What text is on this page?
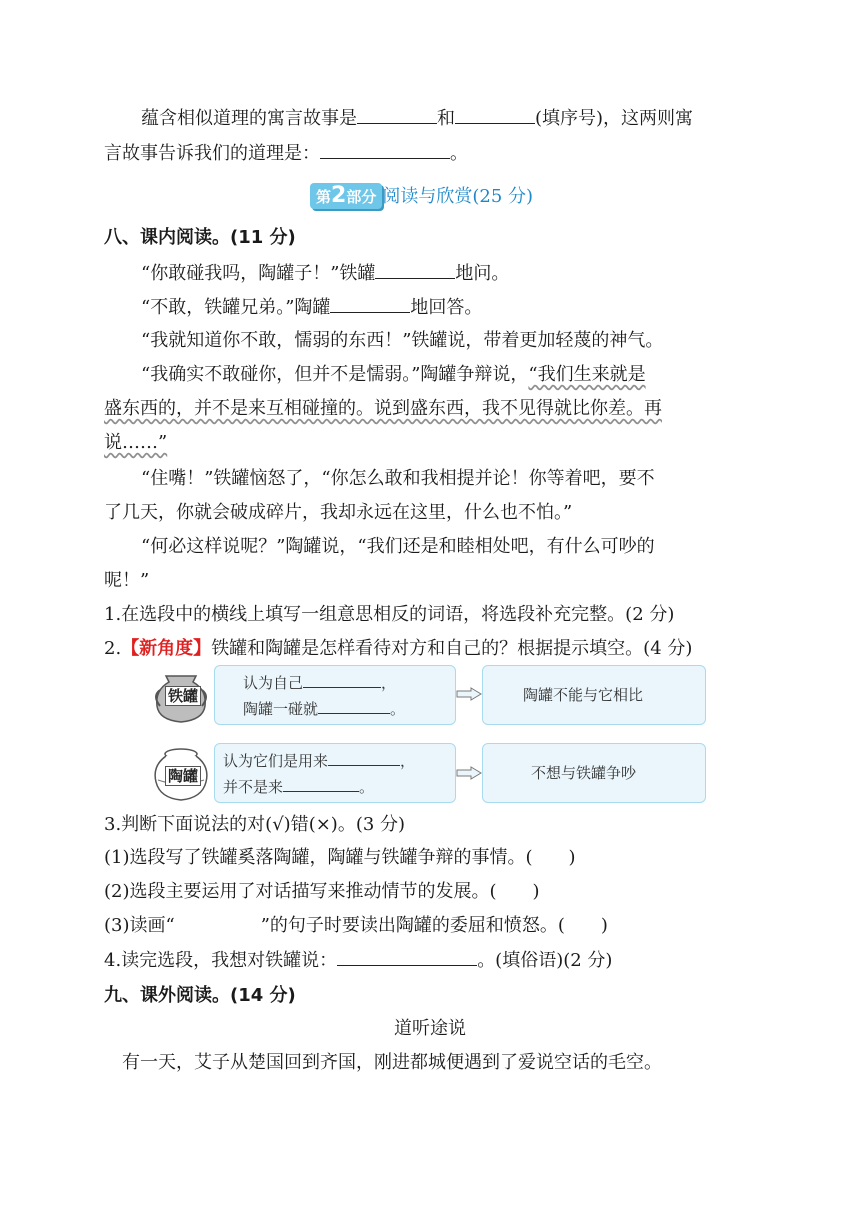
蕴含相似道理的寓言故事是	和	(填序号)，这两则寓
言故事告诉我们的道理是：	。
第2部分 阅读与欣赏(25 分)
八、课内阅读。(11 分)
“你敢碰我吗，陶罐子！”铁罐	地问。
“不敢，铁罐兄弟。”陶罐	地回答。
“我就知道你不敢，懦弱的东西！”铁罐说，带着更加轻蔑的神气。
“我确实不敢碰你，但并不是懦弱。”陶罐争辩说，“我们生来就是
盛东西的，并不是来互相碰撞的。说到盛东西，我不见得就比你差。再
说……”
“住嘴！”铁罐恼怒了，“你怎么敢和我相提并论！你等着吧，要不
了几天，你就会破成碎片，我却永远在这里，什么也不怕。”
“何必这样说呢？”陶罐说，“我们还是和睦相处吧，有什么可吵的
呢！”
1.在选段中的横线上填写一组意思相反的词语，将选段补充完整。(2 分)
2.【新角度】铁罐和陶罐是怎样看待对方和自己的？根据提示填空。(4 分)
铁罐
认为自己	，
陶罐一碰就	。
陶罐不能与它相比
陶罐
认为它们是用来	，
并不是来	。
不想与铁罐争吵
3.判断下面说法的对(√)错(×)。(3 分)
(1)选段写了铁罐奚落陶罐，陶罐与铁罐争辩的事情。(　　)
(2)选段主要运用了对话描写来推动情节的发展。(　　)
(3)读画“	”的句子时要读出陶罐的委屈和愤怒。(　　)
4.读完选段，我想对铁罐说：	。(填俗语)(2 分)
九、课外阅读。(14 分)
道听途说
有一天，艾子从楚国回到齐国，刚进都城便遇到了爱说空话的毛空。
